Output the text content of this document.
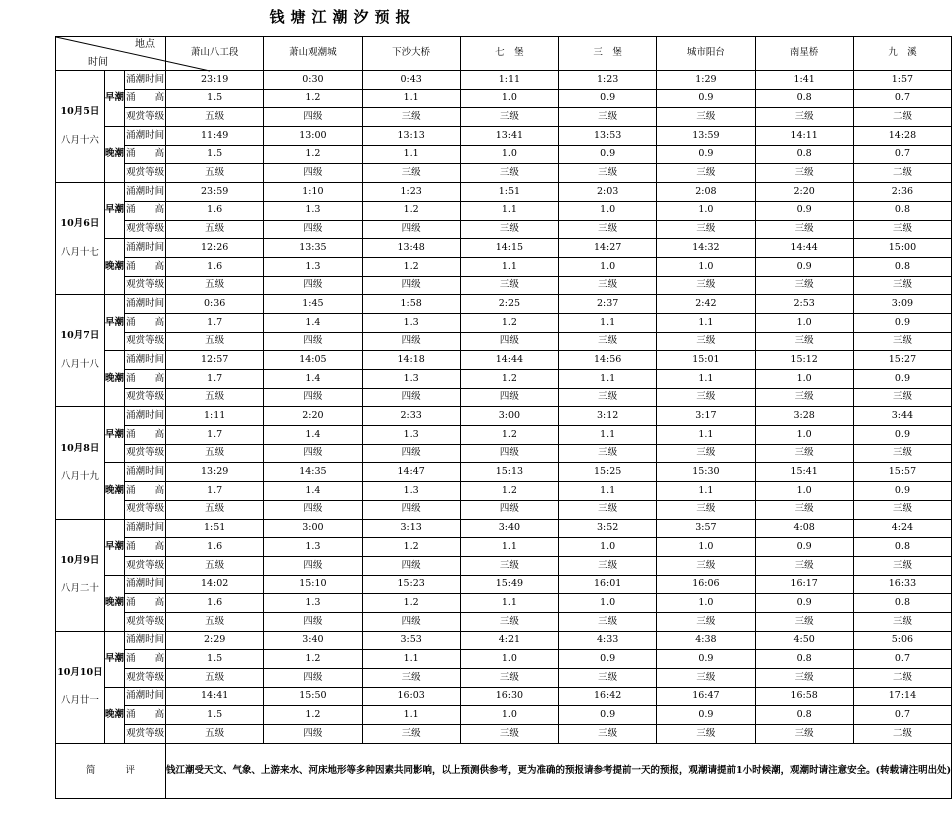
钱塘江潮汐预报
地点
时间			萧山八工段	萧山观潮城	下沙大桥	七　堡	三　堡	城市阳台	南星桥	九　溪

10月5日
八月十六	早潮	涌潮时间	23:19	0:30	0:43	1:11	1:23	1:29	1:41	1:57
		涌　　高	1.5	1.2	1.1	1.0	0.9	0.9	0.8	0.7
		观赏等级	五级	四级	三级	三级	三级	三级	三级	二级
	晚潮	涌潮时间	11:49	13:00	13:13	13:41	13:53	13:59	14:11	14:28
		涌　　高	1.5	1.2	1.1	1.0	0.9	0.9	0.8	0.7
		观赏等级	五级	四级	三级	三级	三级	三级	三级	二级

10月6日
八月十七	早潮	涌潮时间	23:59	1:10	1:23	1:51	2:03	2:08	2:20	2:36
		涌　　高	1.6	1.3	1.2	1.1	1.0	1.0	0.9	0.8
		观赏等级	五级	四级	四级	三级	三级	三级	三级	三级
	晚潮	涌潮时间	12:26	13:35	13:48	14:15	14:27	14:32	14:44	15:00
		涌　　高	1.6	1.3	1.2	1.1	1.0	1.0	0.9	0.8
		观赏等级	五级	四级	四级	三级	三级	三级	三级	三级

10月7日
八月十八	早潮	涌潮时间	0:36	1:45	1:58	2:25	2:37	2:42	2:53	3:09
		涌　　高	1.7	1.4	1.3	1.2	1.1	1.1	1.0	0.9
		观赏等级	五级	四级	四级	四级	三级	三级	三级	三级
	晚潮	涌潮时间	12:57	14:05	14:18	14:44	14:56	15:01	15:12	15:27
		涌　　高	1.7	1.4	1.3	1.2	1.1	1.1	1.0	0.9
		观赏等级	五级	四级	四级	四级	三级	三级	三级	三级

10月8日
八月十九	早潮	涌潮时间	1:11	2:20	2:33	3:00	3:12	3:17	3:28	3:44
		涌　　高	1.7	1.4	1.3	1.2	1.1	1.1	1.0	0.9
		观赏等级	五级	四级	四级	四级	三级	三级	三级	三级
	晚潮	涌潮时间	13:29	14:35	14:47	15:13	15:25	15:30	15:41	15:57
		涌　　高	1.7	1.4	1.3	1.2	1.1	1.1	1.0	0.9
		观赏等级	五级	四级	四级	四级	三级	三级	三级	三级

10月9日
八月二十	早潮	涌潮时间	1:51	3:00	3:13	3:40	3:52	3:57	4:08	4:24
		涌　　高	1.6	1.3	1.2	1.1	1.0	1.0	0.9	0.8
		观赏等级	五级	四级	四级	三级	三级	三级	三级	三级
	晚潮	涌潮时间	14:02	15:10	15:23	15:49	16:01	16:06	16:17	16:33
		涌　　高	1.6	1.3	1.2	1.1	1.0	1.0	0.9	0.8
		观赏等级	五级	四级	四级	三级	三级	三级	三级	三级

10月10日
八月廿一	早潮	涌潮时间	2:29	3:40	3:53	4:21	4:33	4:38	4:50	5:06
		涌　　高	1.5	1.2	1.1	1.0	0.9	0.9	0.8	0.7
		观赏等级	五级	四级	三级	三级	三级	三级	三级	二级
	晚潮	涌潮时间	14:41	15:50	16:03	16:30	16:42	16:47	16:58	17:14
		涌　　高	1.5	1.2	1.1	1.0	0.9	0.9	0.8	0.7
		观赏等级	五级	四级	三级	三级	三级	三级	三级	二级
简评			钱江潮受天文、气象、上游来水、河床地形等多种因素共同影响，以上预测供参考，更为准确的预报请参考提前一天的预报，观潮请提前1小时候潮，观潮时请注意安全。(转载请注明出处)							
